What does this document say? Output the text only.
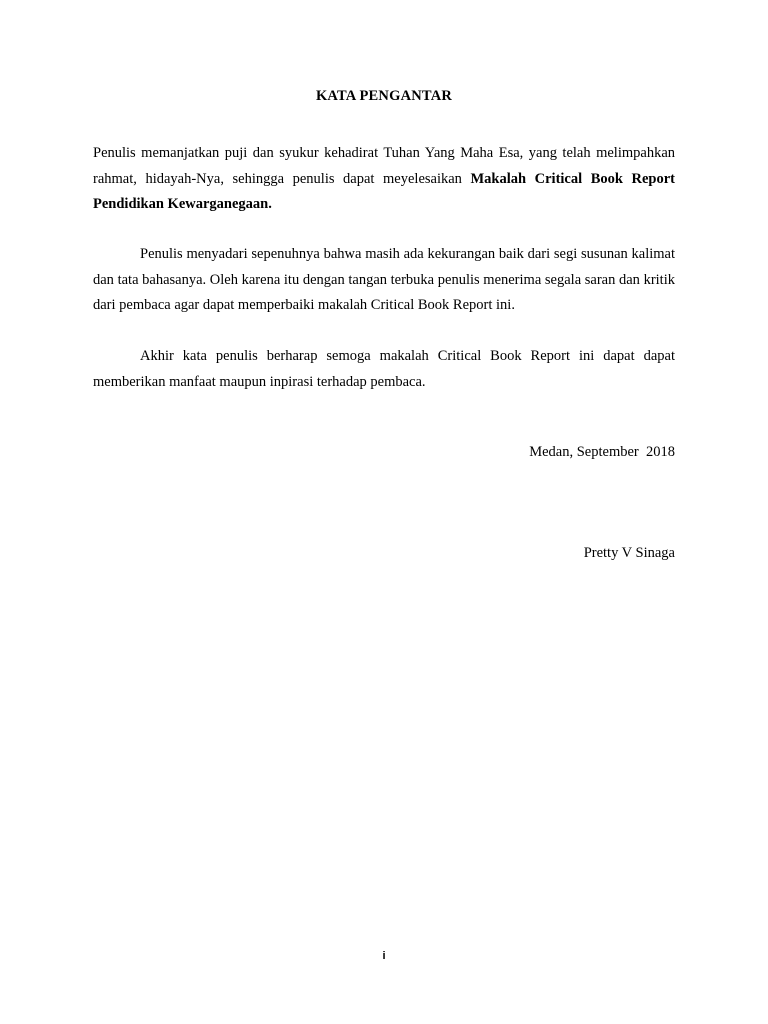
KATA PENGANTAR

Penulis memanjatkan puji dan syukur kehadirat Tuhan Yang Maha Esa, yang telah melimpahkan rahmat, hidayah-Nya, sehingga penulis dapat meyelesaikan Makalah Critical Book Report Pendidikan Kewarganegaan.

Penulis menyadari sepenuhnya bahwa masih ada kekurangan baik dari segi susunan kalimat dan tata bahasanya. Oleh karena itu dengan tangan terbuka penulis menerima segala saran dan kritik dari pembaca agar dapat memperbaiki makalah Critical Book Report ini.

Akhir kata penulis berharap semoga makalah Critical Book Report ini dapat dapat memberikan manfaat maupun inpirasi terhadap pembaca.

Medan, September  2018
Pretty V Sinaga
i
